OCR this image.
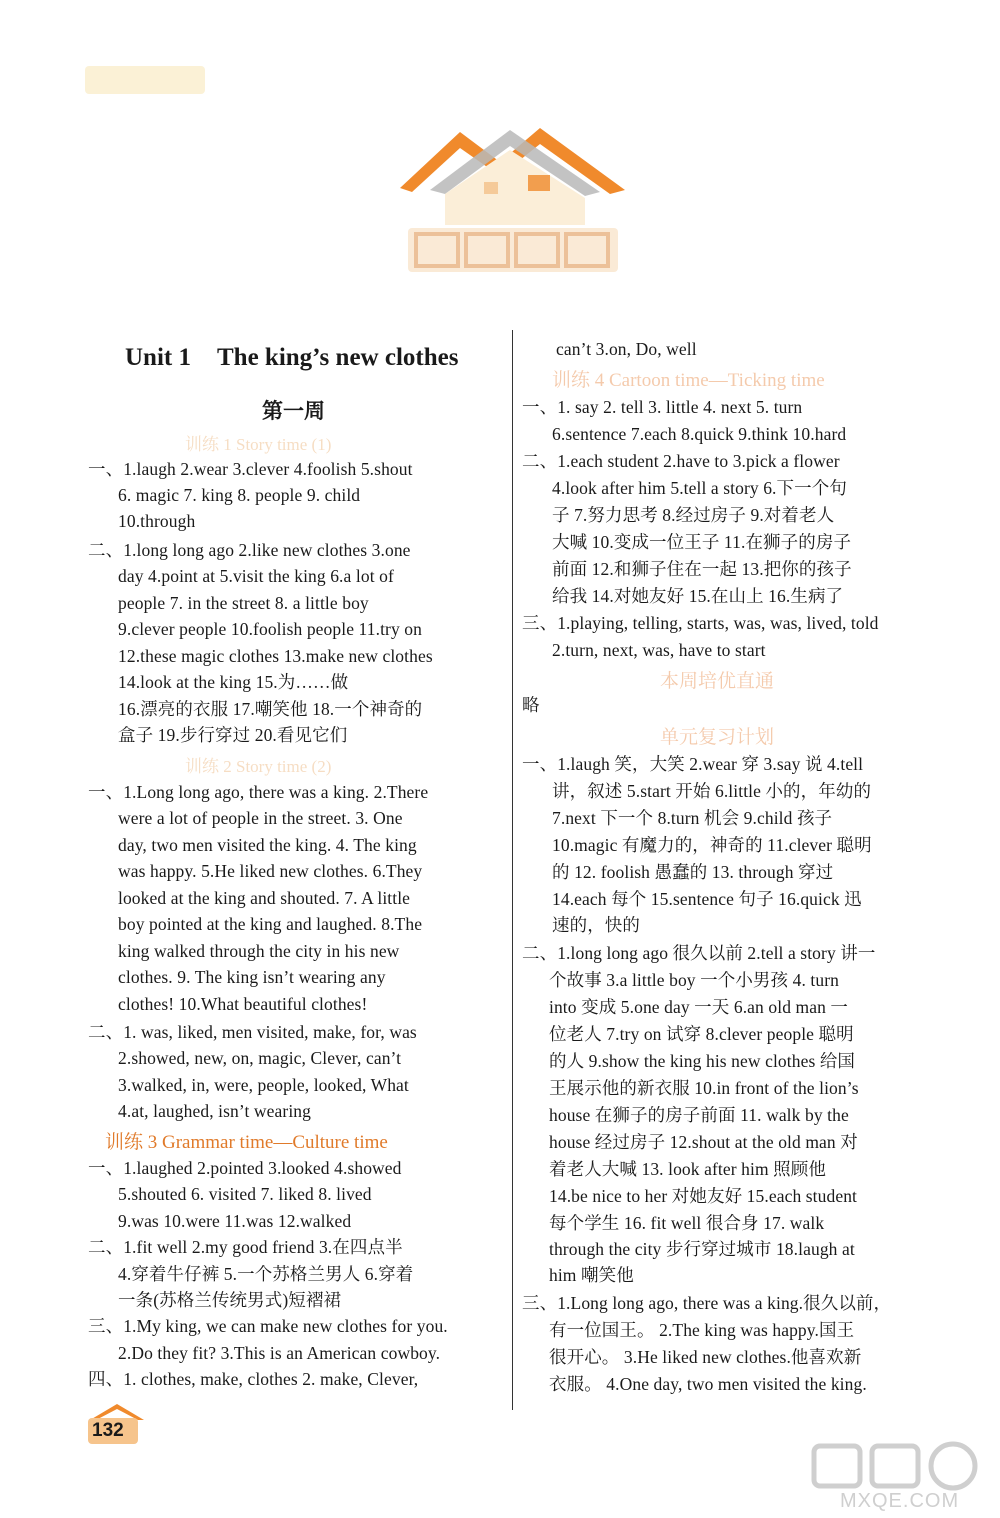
Unit 1 The king’s new clothes
第一周
训练 1 Story time (1)
一、1.laugh 2.wear 3.clever 4.foolish 5.shout
6. magic 7. king 8. people 9. child
10.through
二、1.long long ago 2.like new clothes 3.one
day 4.point at 5.visit the king 6.a lot of
people 7. in the street 8. a little boy
9.clever people 10.foolish people 11.try on
12.these magic clothes 13.make new clothes
14.look at the king 15.为……做
16.漂亮的衣服 17.嘲笑他 18.一个神奇的
盒子 19.步行穿过 20.看见它们
训练 2 Story time (2)
一、1.Long long ago, there was a king. 2.There
were a lot of people in the street. 3. One
day, two men visited the king. 4. The king
was happy. 5.He liked new clothes. 6.They
looked at the king and shouted. 7. A little
boy pointed at the king and laughed. 8.The
king walked through the city in his new
clothes. 9. The king isn’t wearing any
clothes! 10.What beautiful clothes!
二、1. was, liked, men visited, make, for, was
2.showed, new, on, magic, Clever, can’t
3.walked, in, were, people, looked, What
4.at, laughed, isn’t wearing
训练 3 Grammar time—Culture time
一、1.laughed 2.pointed 3.looked 4.showed
5.shouted 6. visited 7. liked 8. lived
9.was 10.were 11.was 12.walked
二、1.fit well 2.my good friend 3.在四点半
4.穿着牛仔裤 5.一个苏格兰男人 6.穿着
一条(苏格兰传统男式)短褶裙
三、1.My king, we can make new clothes for you.
2.Do they fit? 3.This is an American cowboy.
四、1. clothes, make, clothes 2. make, Clever,
can’t 3.on, Do, well
训练 4 Cartoon time—Ticking time
一、1. say 2. tell 3. little 4. next 5. turn
6.sentence 7.each 8.quick 9.think 10.hard
二、1.each student 2.have to 3.pick a flower
4.look after him 5.tell a story 6.下一个句
子 7.努力思考 8.经过房子 9.对着老人
大喊 10.变成一位王子 11.在狮子的房子
前面 12.和狮子住在一起 13.把你的孩子
给我 14.对她友好 15.在山上 16.生病了
三、1.playing, telling, starts, was, was, lived, told
2.turn, next, was, have to start
本周培优直通
略
单元复习计划
一、1.laugh 笑，大笑 2.wear 穿 3.say 说 4.tell
讲，叙述 5.start 开始 6.little 小的，年幼的
7.next 下一个 8.turn 机会 9.child 孩子
10.magic 有魔力的，神奇的 11.clever 聪明
的 12. foolish 愚蠢的 13. through 穿过
14.each 每个 15.sentence 句子 16.quick 迅
速的，快的
二、1.long long ago 很久以前 2.tell a story 讲一
个故事 3.a little boy 一个小男孩 4. turn
into 变成 5.one day 一天 6.an old man 一
位老人 7.try on 试穿 8.clever people 聪明
的人 9.show the king his new clothes 给国
王展示他的新衣服 10.in front of the lion’s
house 在狮子的房子前面 11. walk by the
house 经过房子 12.shout at the old man 对
着老人大喊 13. look after him 照顾他
14.be nice to her 对她友好 15.each student
每个学生 16. fit well 很合身 17. walk
through the city 步行穿过城市 18.laugh at
him 嘲笑他
三、1.Long long ago, there was a king.很久以前，
有一位国王。 2.The king was happy.国王
很开心。 3.He liked new clothes.他喜欢新
衣服。 4.One day, two men visited the king.
132
MXQE.COM
